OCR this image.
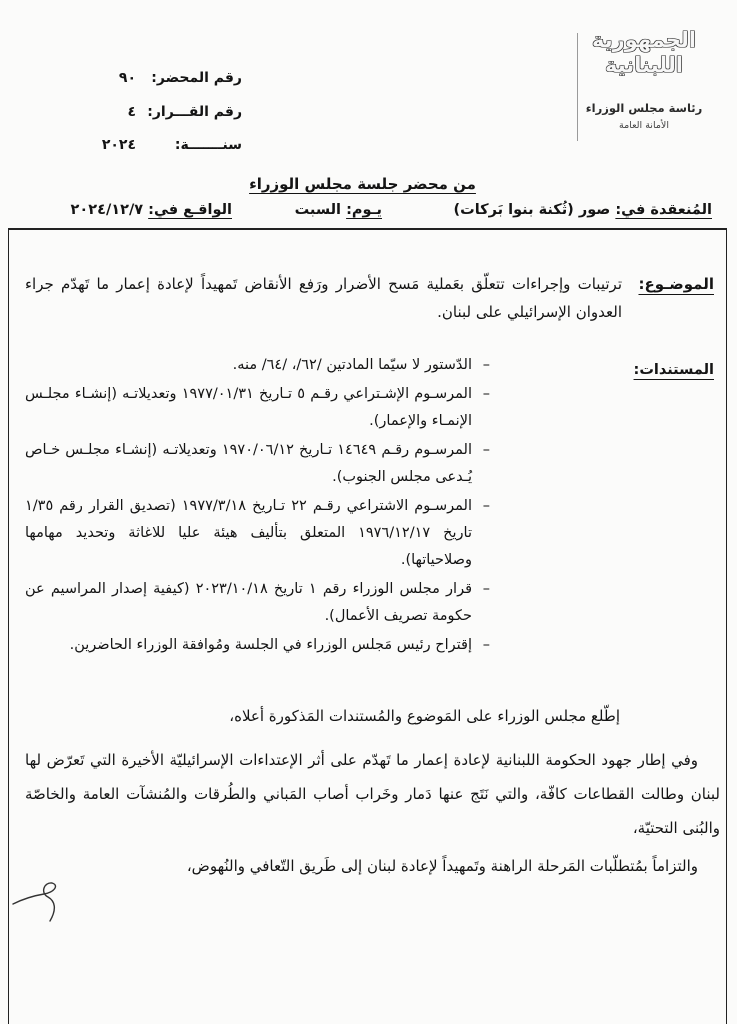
الجمهورية
اللبنانية
رئاسة مجلس الوزراء
الأمانة العامة
رقم المحضر:
٩٠
رقم القـــرار:
٤
سنـــــــة:
٢٠٢٤
من محضر جلسة مجلس الوزراء
المُنعقدة في: صور (ثُكنة بنوا بَركات)
يـوم: السبت
الواقـع في: ٢٠٢٤/١٢/٧
الموضـوع:
ترتيبات وإجراءات تتعلّق بعَملية مَسح الأضرار ورَفع الأنقاض تَمهيداً لإعادة إعمار ما تَهدّم جراء العدوان الإسرائيلي على لبنان.
المستندات:
–
الدّستور لا سيّما المادتين /٦٢/، /٦٤/ منه.
–
المرسـوم الإشـتراعي رقـم ٥ تـاريخ ١٩٧٧/٠١/٣١ وتعديلاتـه (إنشـاء مجلـس الإنمـاء والإعمار).
–
المرسـوم رقـم ١٤٦٤٩ تـاريخ ١٩٧٠/٠٦/١٢ وتعديلاتـه (إنشـاء مجلـس خـاص يُـدعى مجلس الجنوب).
–
المرسـوم الاشتراعي رقـم ٢٢ تـاريخ ١٩٧٧/٣/١٨ (تصديق القرار رقم ١/٣٥ تاريخ ١٩٧٦/١٢/١٧ المتعلق بتأليف هيئة عليا للاغاثة وتحديد مهامها وصلاحياتها).
–
قرار مجلس الوزراء رقم ١ تاريخ ٢٠٢٣/١٠/١٨ (كيفية إصدار المراسيم عن حكومة تصريف الأعمال).
–
إقتراح رئيس مَجلس الوزراء في الجلسة ومُوافقة الوزراء الحاضرين.

إطّلع مجلس الوزراء على المَوضوع والمُستندات المَذكورة أعلاه،

وفي إطار جهود الحكومة اللبنانية لإعادة إعمار ما تَهدّم على أثر الإعتداءات الإسرائيليّة الأخيرة التي تَعرّض لها لبنان وطالت القطاعات كافّة، والتي نَتَج عنها دَمار وخَراب أصاب المَباني والطُرقات والمُنشآت العامة والخاصّة والبُنى التحتيّة،

والتزاماً بمُتطلّبات المَرحلة الراهنة وتَمهيداً لإعادة لبنان إلى طَريق التّعافي والنُهوض،
